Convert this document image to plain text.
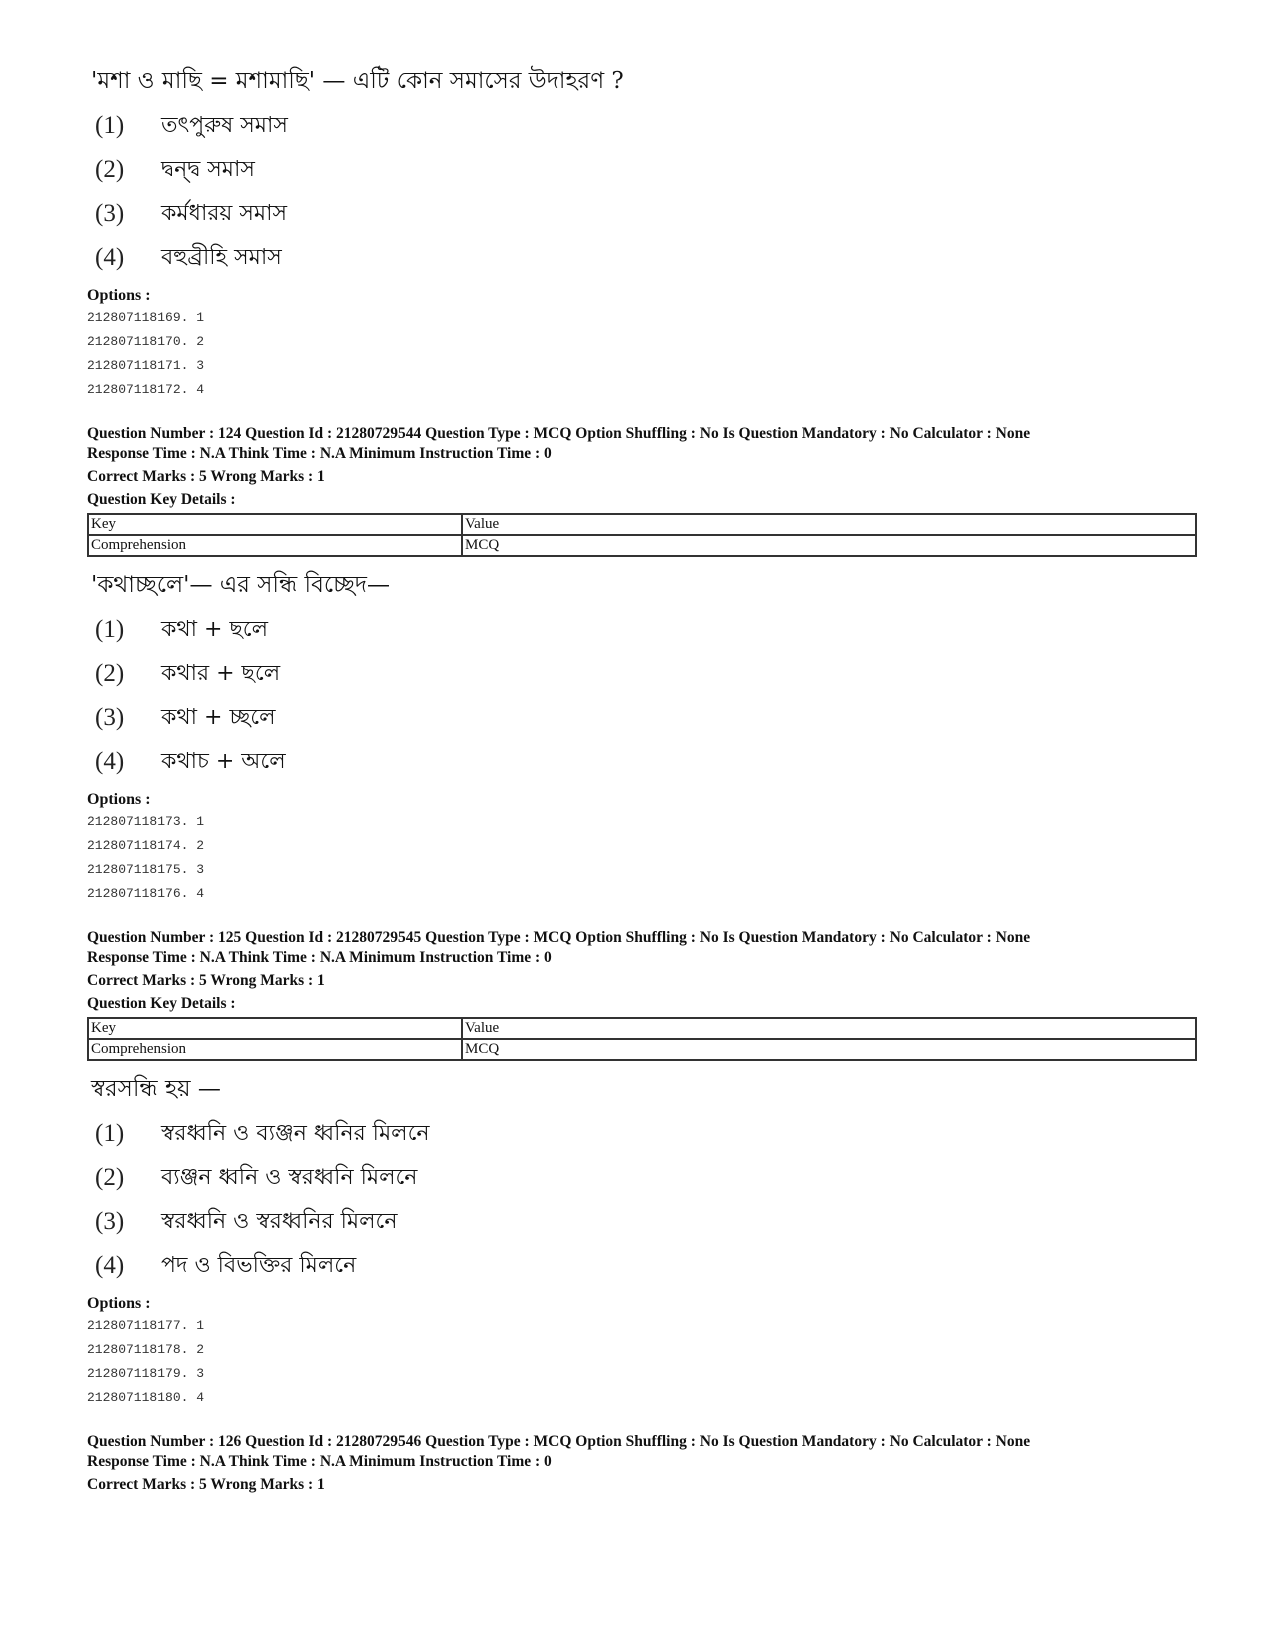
'মশা ও মাছি = মশামাছি' — এটি কোন সমাসের উদাহরণ ?
(1)	তৎপুরুষ সমাস
(2)	দ্বন্দ্ব সমাস
(3)	কর্মধারয় সমাস
(4)	বহুব্রীহি সমাস
Options :
212807118169. 1
212807118170. 2
212807118171. 3
212807118172. 4
Question Number : 124 Question Id : 21280729544 Question Type : MCQ Option Shuffling : No Is Question Mandatory : No Calculator : None
Response Time : N.A Think Time : N.A Minimum Instruction Time : 0
Correct Marks : 5 Wrong Marks : 1
Question Key Details :
Key	Value
Comprehension	MCQ
'কথাচ্ছলে'— এর সন্ধি বিচ্ছেদ—
(1)	কথা + ছলে
(2)	কথার + ছলে
(3)	কথা + চ্ছলে
(4)	কথাচ + অলে
Options :
212807118173. 1
212807118174. 2
212807118175. 3
212807118176. 4
Question Number : 125 Question Id : 21280729545 Question Type : MCQ Option Shuffling : No Is Question Mandatory : No Calculator : None
Response Time : N.A Think Time : N.A Minimum Instruction Time : 0
Correct Marks : 5 Wrong Marks : 1
Question Key Details :
Key	Value
Comprehension	MCQ
স্বরসন্ধি হয় —
(1)	স্বরধ্বনি ও ব্যঞ্জন ধ্বনির মিলনে
(2)	ব্যঞ্জন ধ্বনি ও স্বরধ্বনি মিলনে
(3)	স্বরধ্বনি ও স্বরধ্বনির মিলনে
(4)	পদ ও বিভক্তির মিলনে
Options :
212807118177. 1
212807118178. 2
212807118179. 3
212807118180. 4
Question Number : 126 Question Id : 21280729546 Question Type : MCQ Option Shuffling : No Is Question Mandatory : No Calculator : None
Response Time : N.A Think Time : N.A Minimum Instruction Time : 0
Correct Marks : 5 Wrong Marks : 1
